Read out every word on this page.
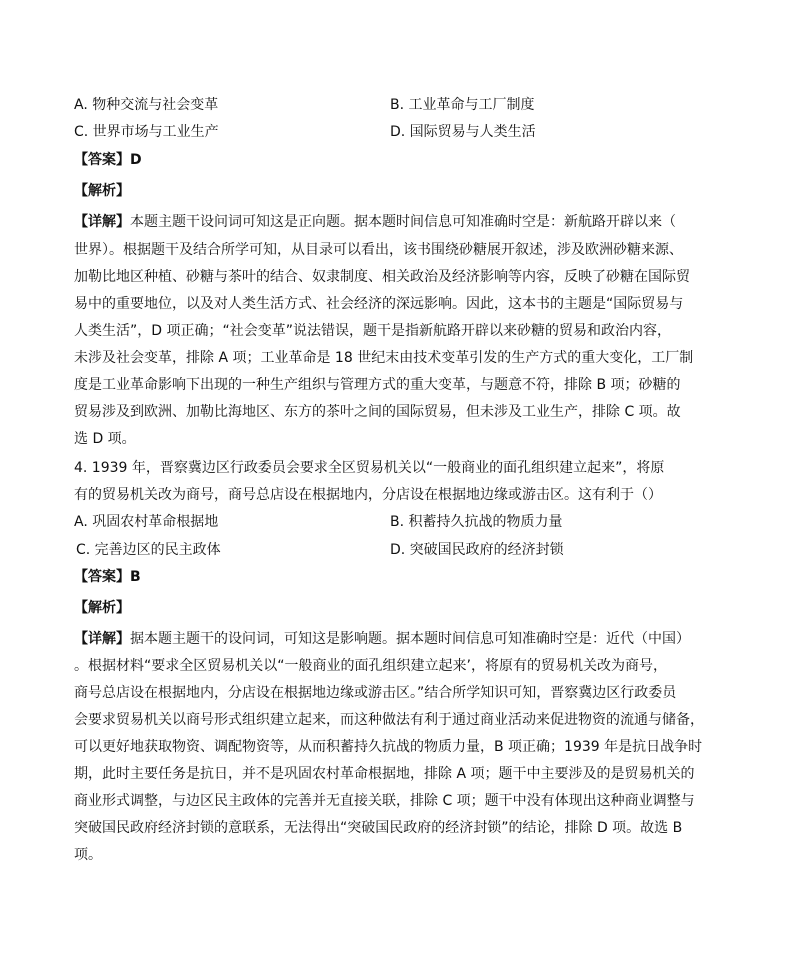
A. 物种交流与社会变革	B. 工业革命与工厂制度
C. 世界市场与工业生产	D. 国际贸易与人类生活
【答案】D
【解析】
【详解】本题主题干设问词可知这是正向题。据本题时间信息可知准确时空是：新航路开辟以来（
世界）。根据题干及结合所学可知，从目录可以看出，该书围绕砂糖展开叙述，涉及欧洲砂糖来源、
加勒比地区种植、砂糖与茶叶的结合、奴隶制度、相关政治及经济影响等内容，反映了砂糖在国际贸
易中的重要地位，以及对人类生活方式、社会经济的深远影响。因此，这本书的主题是“国际贸易与
人类生活”，D 项正确；“社会变革”说法错误，题干是指新航路开辟以来砂糖的贸易和政治内容，
未涉及社会变革，排除 A 项；工业革命是 18 世纪末由技术变革引发的生产方式的重大变化，工厂制
度是工业革命影响下出现的一种生产组织与管理方式的重大变革，与题意不符，排除 B 项；砂糖的
贸易涉及到欧洲、加勒比海地区、东方的茶叶之间的国际贸易，但未涉及工业生产，排除 C 项。故
选 D 项。
4. 1939 年，晋察冀边区行政委员会要求全区贸易机关以“一般商业的面孔组织建立起来”，将原
有的贸易机关改为商号，商号总店设在根据地内，分店设在根据地边缘或游击区。这有利于（）
A. 巩固农村革命根据地	B. 积蓄持久抗战的物质力量
C. 完善边区的民主政体	D. 突破国民政府的经济封锁
【答案】B
【解析】
【详解】据本题主题干的设问词，可知这是影响题。据本题时间信息可知准确时空是：近代（中国）
。根据材料“要求全区贸易机关以“一般商业的面孔组织建立起来’，将原有的贸易机关改为商号，
商号总店设在根据地内，分店设在根据地边缘或游击区。”结合所学知识可知，晋察冀边区行政委员
会要求贸易机关以商号形式组织建立起来，而这种做法有利于通过商业活动来促进物资的流通与储备，
可以更好地获取物资、调配物资等，从而积蓄持久抗战的物质力量，B 项正确；1939 年是抗日战争时
期，此时主要任务是抗日，并不是巩固农村革命根据地，排除 A 项；题干中主要涉及的是贸易机关的
商业形式调整，与边区民主政体的完善并无直接关联，排除 C 项；题干中没有体现出这种商业调整与
突破国民政府经济封锁的意联系，无法得出“突破国民政府的经济封锁”的结论，排除 D 项。故选 B
项。
